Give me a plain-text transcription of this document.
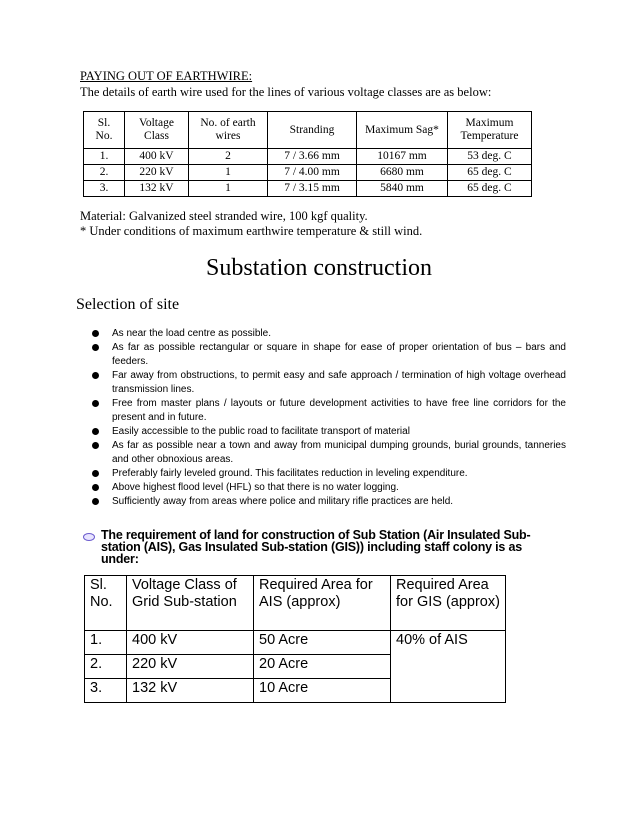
PAYING OUT OF EARTHWIRE:
The details of earth wire used for the lines of various voltage classes are as below:
Sl. No.	Voltage Class	No. of earth wires	Stranding	Maximum Sag*	Maximum Temperature
1.	400 kV	2	7 / 3.66 mm	10167 mm	53 deg. C
2.	220 kV	1	7 / 4.00 mm	6680 mm	65 deg. C
3.	132 kV	1	7 / 3.15 mm	5840 mm	65 deg. C
Material: Galvanized steel stranded wire, 100 kgf quality.
* Under conditions of maximum earthwire temperature & still wind.
Substation construction
Selection of site
As near the load centre as possible.
As far as possible rectangular or square in shape for ease of proper orientation of bus – bars and feeders.
Far away from obstructions, to permit easy and safe approach / termination of high voltage overhead transmission lines.
Free from master plans / layouts or future development activities to have free line corridors for the present and in future.
Easily accessible to the public road to facilitate transport of material
As far as possible near a town and away from municipal dumping grounds, burial grounds, tanneries and other obnoxious areas.
Preferably fairly leveled ground. This facilitates reduction in leveling expenditure.
Above highest flood level (HFL) so that there is no water logging.
Sufficiently away from areas where police and military rifle practices are held.
The requirement of land for construction of Sub Station (Air Insulated Sub-station (AIS), Gas Insulated Sub-station (GIS)) including staff colony is as under:
Sl. No.	Voltage Class of Grid Sub-station	Required Area for AIS (approx)	Required Area for GIS (approx)
1.	400 kV	50 Acre	40% of AIS
2.	220 kV	20 Acre	
3.	132 kV	10 Acre	
